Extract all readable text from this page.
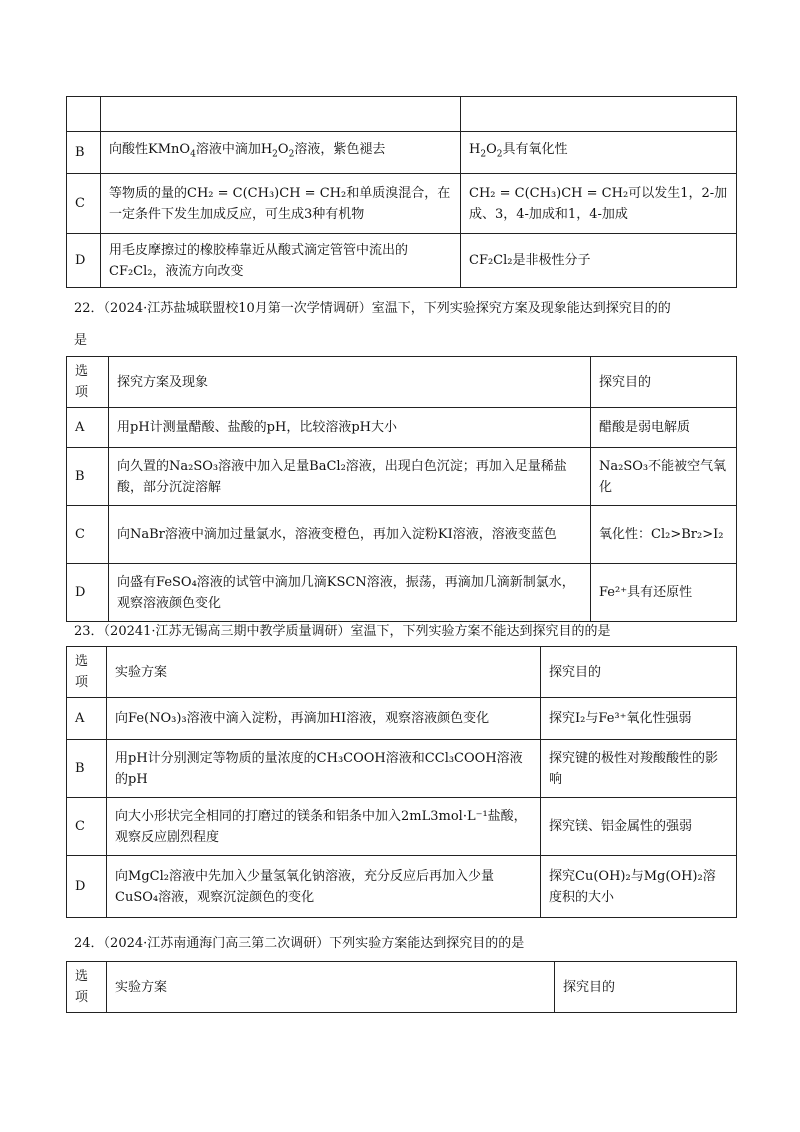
B	向酸性KMnO$_4$溶液中滴加$H_2O_2$溶液，紫色褪去	$H_2O_2$具有氧化性
C	等物质的量的CH₂ = C(CH₃)CH = CH₂和单质溴混合，在一定条件下发生加成反应，可生成3种有机物	CH₂ = C(CH₃)CH = CH₂可以发生1，2-加成、3，4-加成和1，4-加成
D	用毛皮摩擦过的橡胶棒靠近从酸式滴定管管中流出的CF₂Cl₂，液流方向改变	CF₂Cl₂是非极性分子
22．（2024·江苏盐城联盟校10月第一次学情调研）室温下，下列实验探究方案及现象能达到探究目的的
是
选项	探究方案及现象	探究目的
A	用pH计测量醋酸、盐酸的pH，比较溶液pH大小	醋酸是弱电解质
B	向久置的Na₂SO₃溶液中加入足量BaCl₂溶液，出现白色沉淀；再加入足量稀盐酸，部分沉淀溶解	Na₂SO₃不能被空气氧化
C	向NaBr溶液中滴加过量氯水，溶液变橙色，再加入淀粉KI溶液，溶液变蓝色	氧化性：Cl₂>Br₂>I₂
D	向盛有FeSO₄溶液的试管中滴加几滴KSCN溶液，振荡，再滴加几滴新制氯水，观察溶液颜色变化	Fe²⁺具有还原性
23．（20241·江苏无锡高三期中教学质量调研）室温下，下列实验方案不能达到探究目的的是
选项	实验方案	探究目的
A	向Fe(NO₃)₃溶液中滴入淀粉，再滴加HI溶液，观察溶液颜色变化	探究I₂与Fe³⁺氧化性强弱
B	用pH计分别测定等物质的量浓度的CH₃COOH溶液和CCl₃COOH溶液的pH	探究键的极性对羧酸酸性的影响
C	向大小形状完全相同的打磨过的镁条和铝条中加入2mL3mol·L⁻¹盐酸，观察反应剧烈程度	探究镁、铝金属性的强弱
D	向MgCl₂溶液中先加入少量氢氧化钠溶液，充分反应后再加入少量CuSO₄溶液，观察沉淀颜色的变化	探究Cu(OH)₂与Mg(OH)₂溶度积的大小
24．（2024·江苏南通海门高三第二次调研）下列实验方案能达到探究目的的是
选项	实验方案	探究目的
